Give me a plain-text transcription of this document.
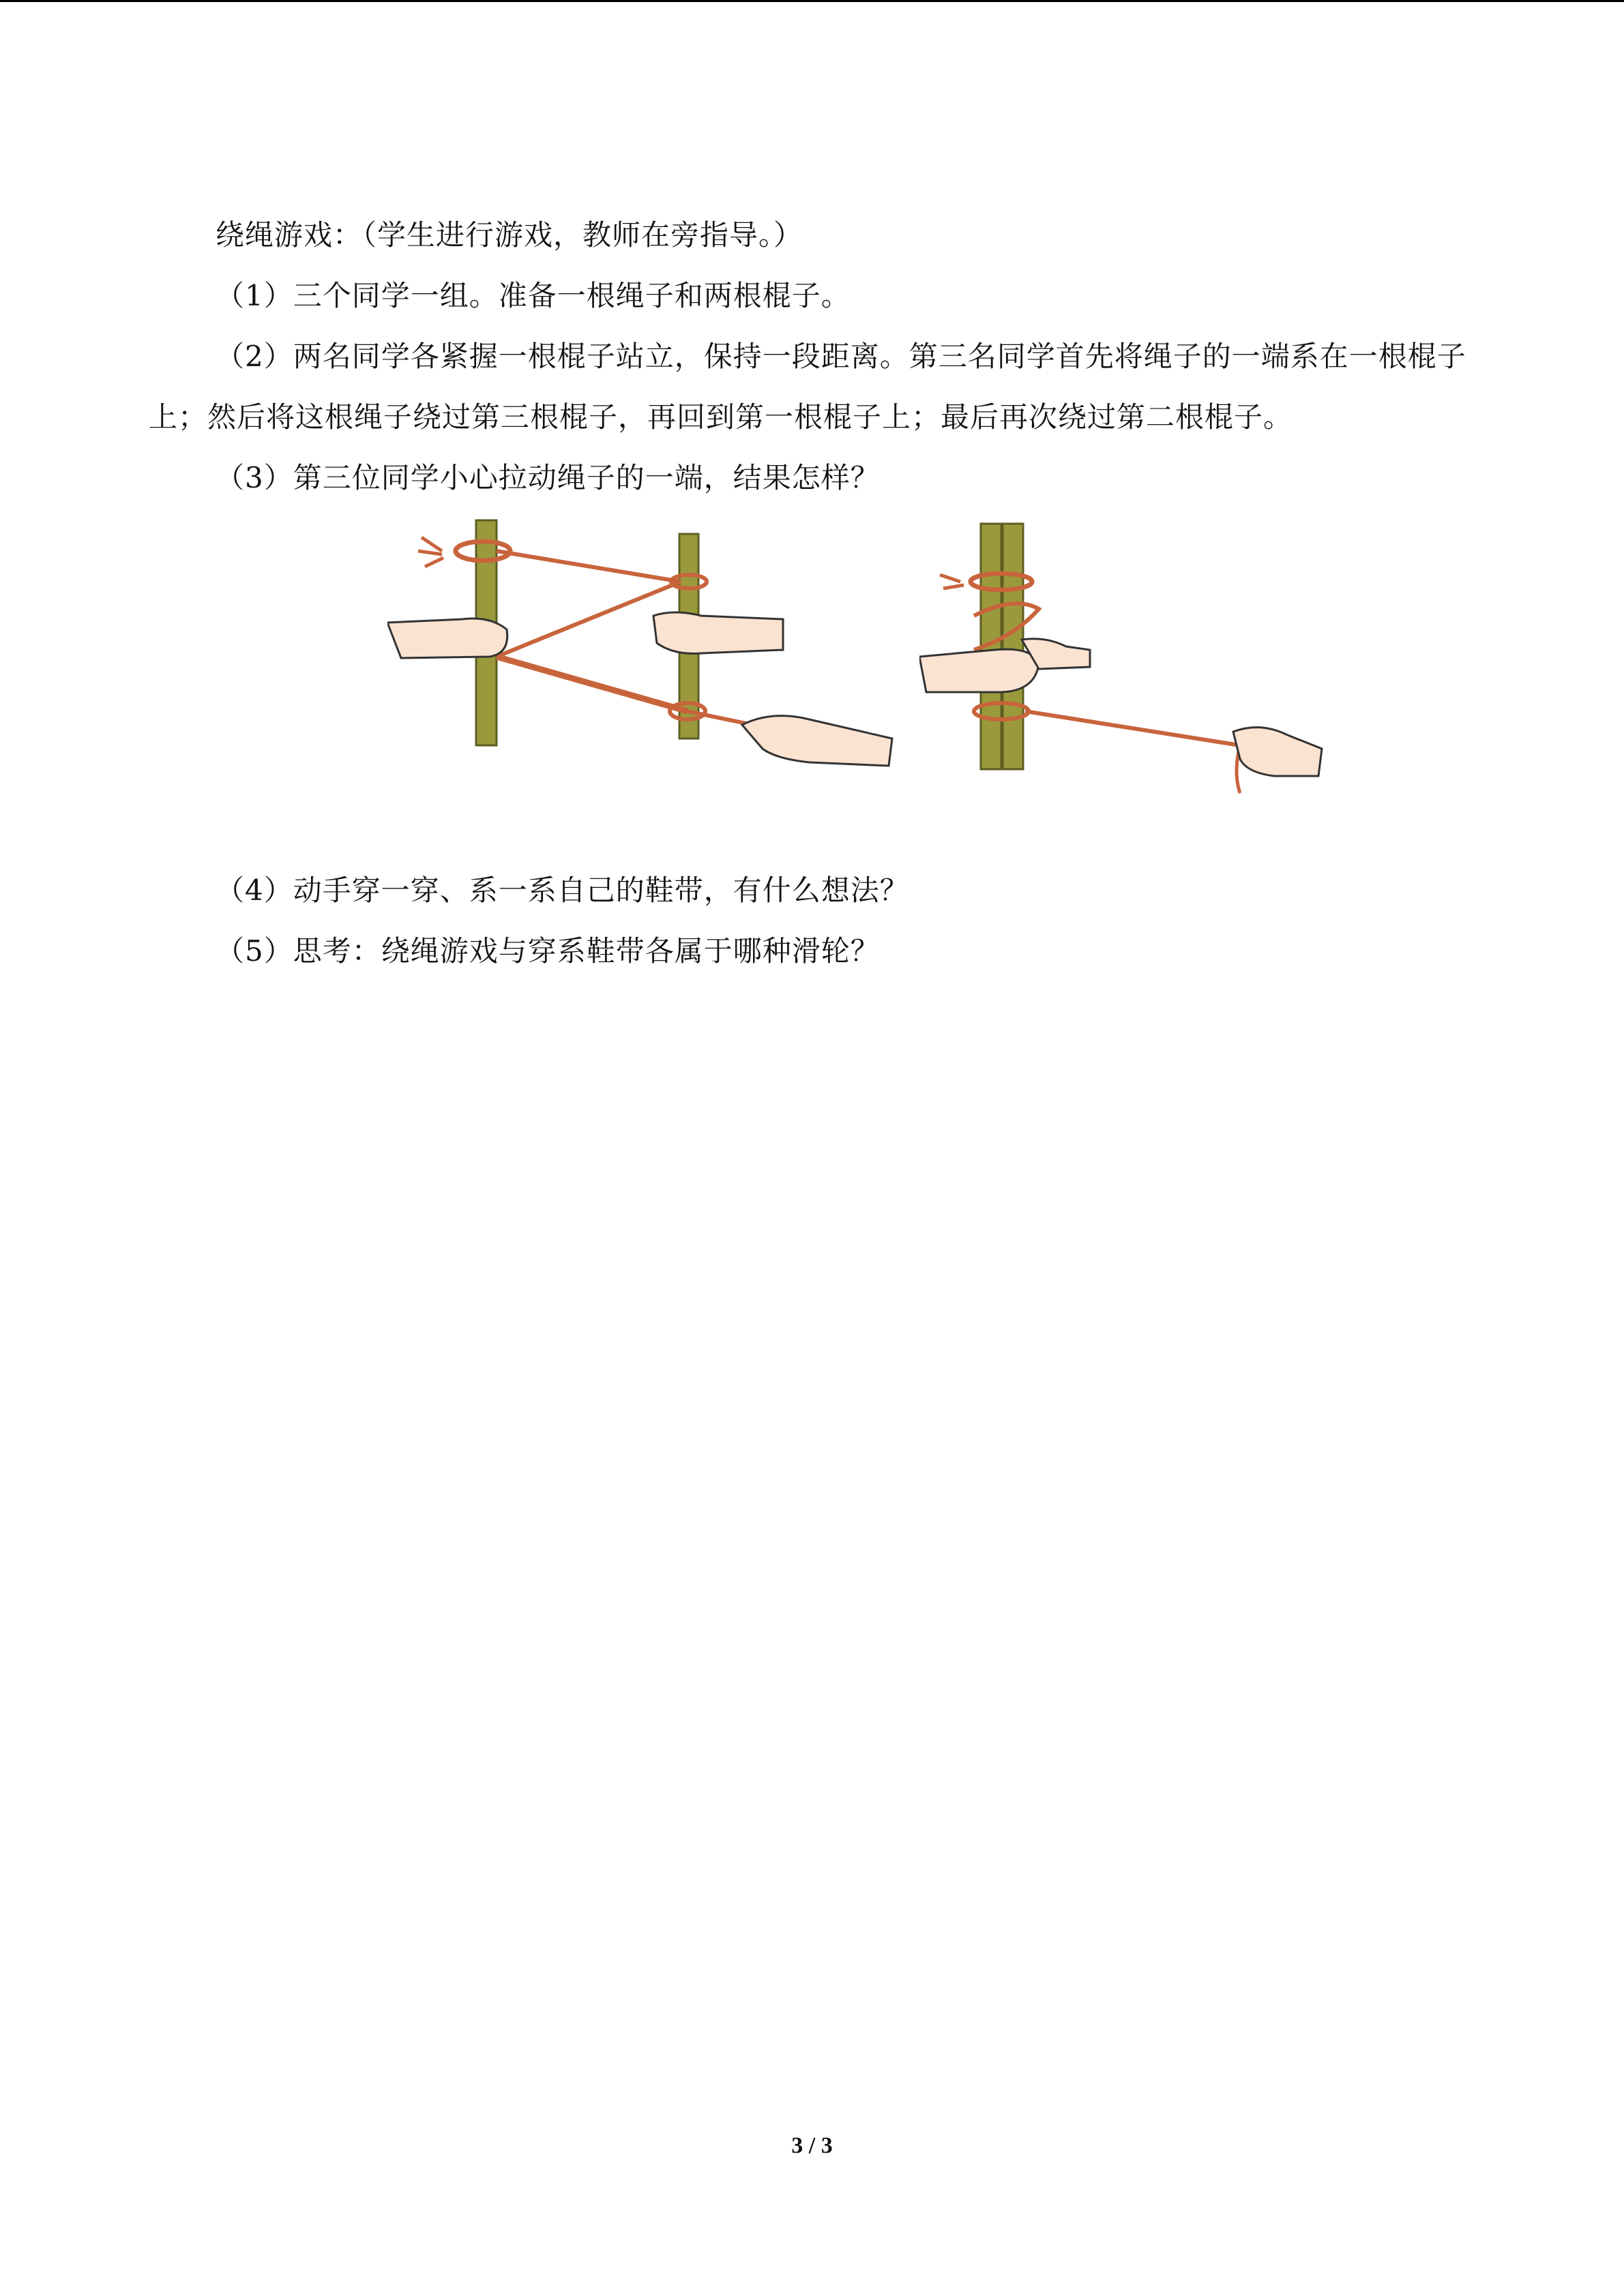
绕绳游戏：（学生进行游戏，教师在旁指导。）

（1）三个同学一组。准备一根绳子和两根棍子。

（2）两名同学各紧握一根棍子站立，保持一段距离。第三名同学首先将绳子的一端系在一根棍子上；然后将这根绳子绕过第三根棍子，再回到第一根棍子上；最后再次绕过第二根棍子。

（3）第三位同学小心拉动绳子的一端，结果怎样？

（4）动手穿一穿、系一系自己的鞋带，有什么想法？

（5）思考：绕绳游戏与穿系鞋带各属于哪种滑轮？

3 / 3
